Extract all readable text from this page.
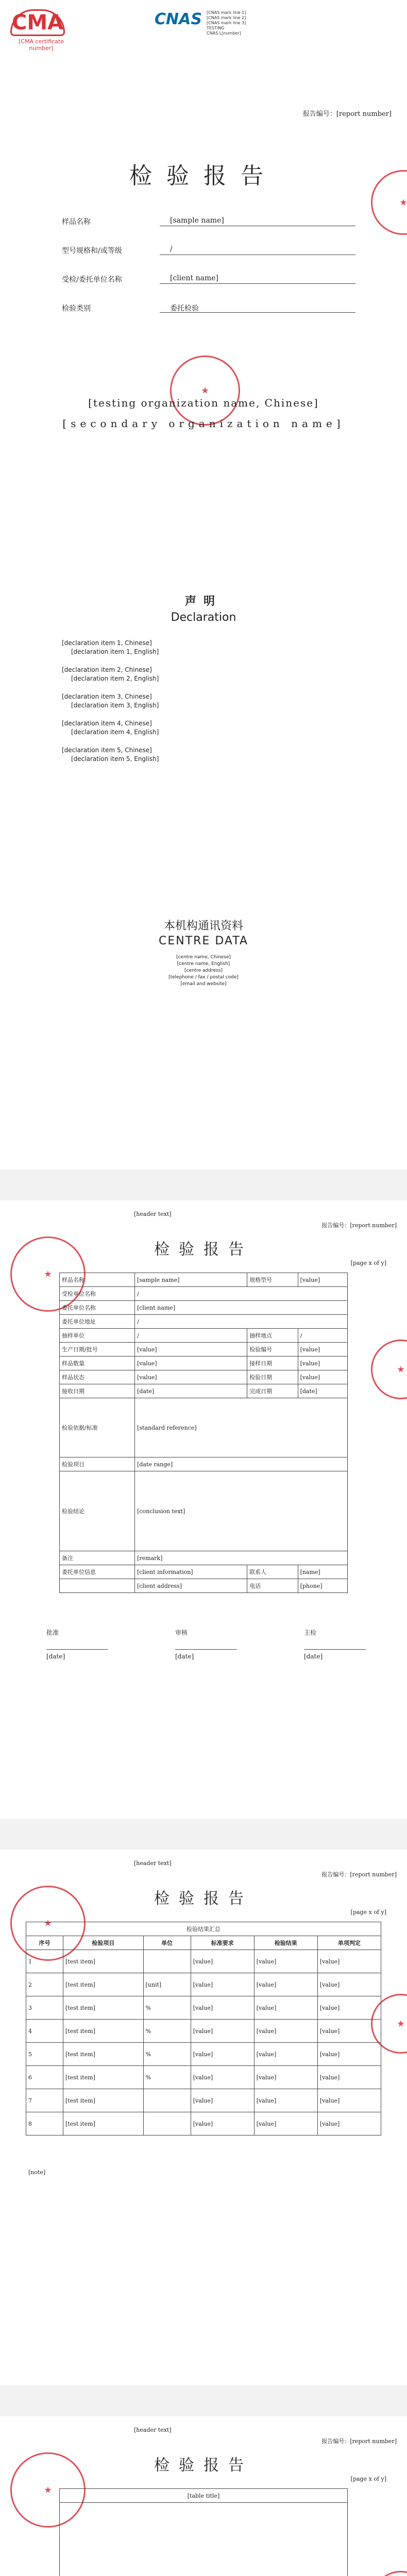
CMA
[CMA certificate number]
CNAS [CNAS mark line 1]
[CNAS mark line 2]
[CNAS mark line 3]
TESTING
CNAS L[number]
报告编号：[report number]
检验报告
样品名称	[sample name]
型号规格和/或等级	/
受检/委托单位名称	[client name]
检验类别	委托检验
[testing organization name, Chinese]
[secondary organization name]
声明
Declaration
[declaration item 1, Chinese]
[declaration item 1, English]
[declaration item 2, Chinese]
[declaration item 2, English]
[declaration item 3, Chinese]
[declaration item 3, English]
[declaration item 4, Chinese]
[declaration item 4, English]
[declaration item 5, Chinese]
[declaration item 5, English]
本机构通讯资料
CENTRE DATA
[centre name, Chinese]
[centre name, English]
[centre address]
[telephone / fax / postal code]
[email and website]
[header text]
报告编号：[report number]
检验报告
[page x of y]
样品名称	[sample name]	规格型号	[value]
受检单位名称	/		
委托单位名称	[client name]		
委托单位地址	/		
抽样单位	/	抽样地点	/
生产日期/批号	[value]	检验编号	[value]
样品数量	[value]	接样日期	[value]
样品状态	[value]	检验日期	[value]
接收日期	[date]	完成日期	[date]
检验依据/标准	[standard reference]		
检验项目	[date range]		
检验结论	[conclusion text]		
备注	[remark]		
委托单位信息	[client information]	联系人	[name]
	[client address]	电话	[phone]
批准
[date]
审核
[date]
主检
[date]
[header text]
报告编号：[report number]
检验报告
[page x of y]
检验结果汇总					
序号	检验项目	单位	标准要求	检验结果	单项判定
1	[test item]		[value]	[value]	[value]
2	[test item]	[unit]	[value]	[value]	[value]
3	[test item]	%	[value]	[value]	[value]
4	[test item]	%	[value]	[value]	[value]
5	[test item]	%	[value]	[value]	[value]
6	[test item]	%	[value]	[value]	[value]
7	[test item]		[value]	[value]	[value]
8	[test item]		[value]	[value]	[value]
[note]
[header text]
报告编号：[report number]
检验报告
[page x of y]
[table title]	
